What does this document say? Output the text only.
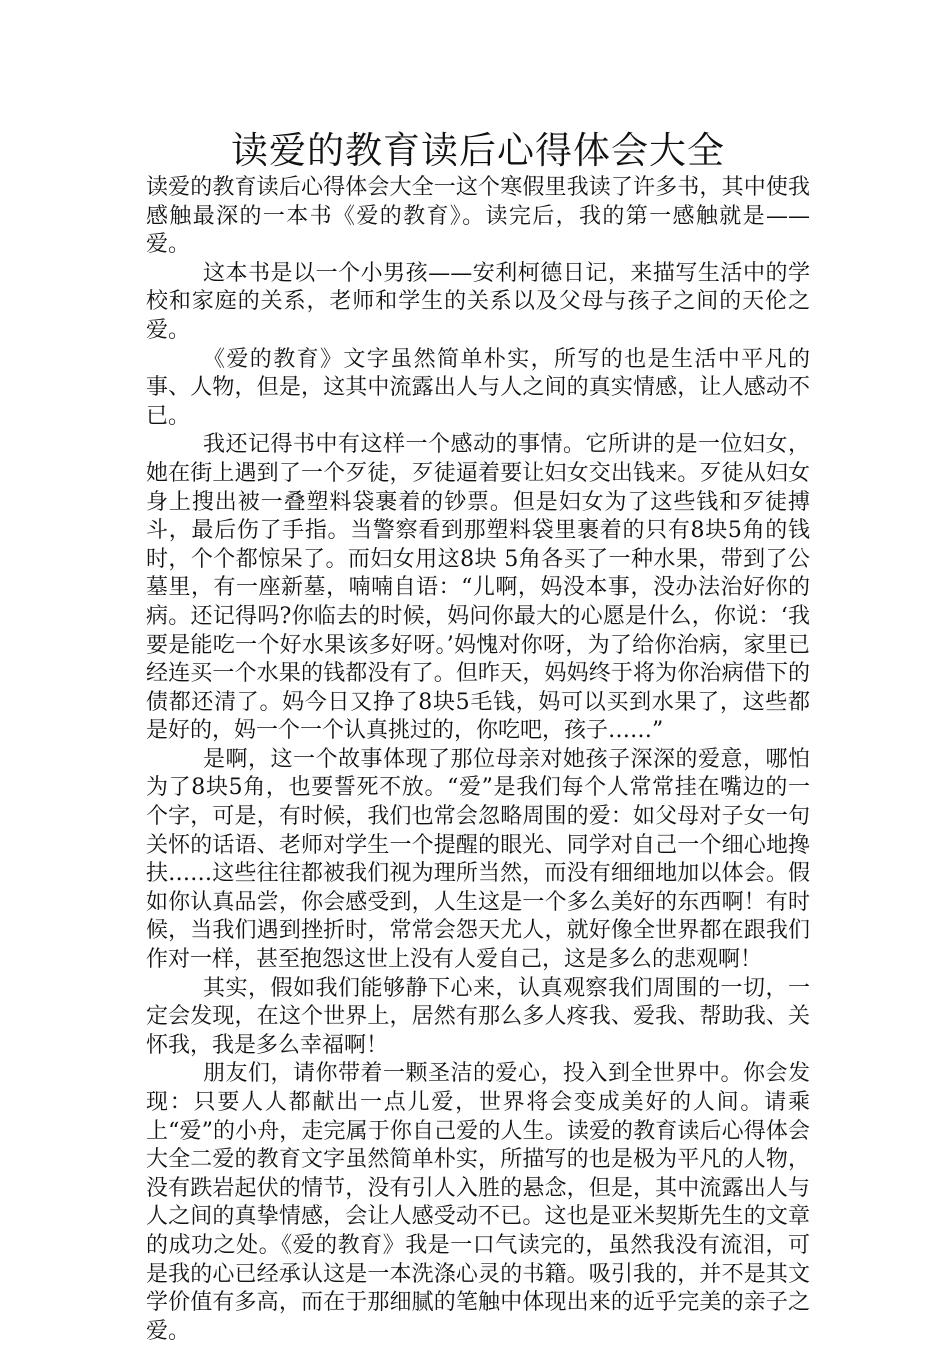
读爱的教育读后心得体会大全

读爱的教育读后心得体会大全一这个寒假里我读了许多书，其中使我感触最深的一本书《爱的教育》。读完后，我的第一感触就是——爱。

这本书是以一个小男孩——安利柯德日记，来描写生活中的学校和家庭的关系，老师和学生的关系以及父母与孩子之间的天伦之爱。

《爱的教育》文字虽然简单朴实，所写的也是生活中平凡的事、人物，但是，这其中流露出人与人之间的真实情感，让人感动不已。

我还记得书中有这样一个感动的事情。它所讲的是一位妇女，她在街上遇到了一个歹徒，歹徒逼着要让妇女交出钱来。歹徒从妇女身上搜出被一叠塑料袋裹着的钞票。但是妇女为了这些钱和歹徒搏斗，最后伤了手指。当警察看到那塑料袋里裹着的只有8块5角的钱时，个个都惊呆了。而妇女用这8块 5角各买了一种水果，带到了公墓里，有一座新墓，喃喃自语：“儿啊，妈没本事，没办法治好你的病。还记得吗?你临去的时候，妈问你最大的心愿是什么，你说：‘我要是能吃一个好水果该多好呀。’妈愧对你呀，为了给你治病，家里已经连买一个水果的钱都没有了。但昨天，妈妈终于将为你治病借下的债都还清了。妈今日又挣了8块5毛钱，妈可以买到水果了，这些都是好的，妈一个一个认真挑过的，你吃吧，孩子……”

是啊，这一个故事体现了那位母亲对她孩子深深的爱意，哪怕为了8块5角，也要誓死不放。“爱”是我们每个人常常挂在嘴边的一个字，可是，有时候，我们也常会忽略周围的爱：如父母对子女一句关怀的话语、老师对学生一个提醒的眼光、同学对自己一个细心地搀扶……这些往往都被我们视为理所当然，而没有细细地加以体会。假如你认真品尝，你会感受到，人生这是一个多么美好的东西啊！有时候，当我们遇到挫折时，常常会怨天尤人，就好像全世界都在跟我们作对一样，甚至抱怨这世上没有人爱自己，这是多么的悲观啊！

其实，假如我们能够静下心来，认真观察我们周围的一切，一定会发现，在这个世界上，居然有那么多人疼我、爱我、帮助我、关怀我，我是多么幸福啊！

朋友们，请你带着一颗圣洁的爱心，投入到全世界中。你会发现：只要人人都献出一点儿爱，世界将会变成美好的人间。请乘上“爱”的小舟，走完属于你自己爱的人生。读爱的教育读后心得体会大全二爱的教育文字虽然简单朴实，所描写的也是极为平凡的人物，没有跌岩起伏的情节，没有引人入胜的悬念，但是，其中流露出人与人之间的真挚情感，会让人感受动不已。这也是亚米契斯先生的文章的成功之处。《爱的教育》我是一口气读完的，虽然我没有流泪，可是我的心已经承认这是一本洗涤心灵的书籍。吸引我的，并不是其文学价值有多高，而在于那细腻的笔触中体现出来的近乎完美的亲子之爱。
